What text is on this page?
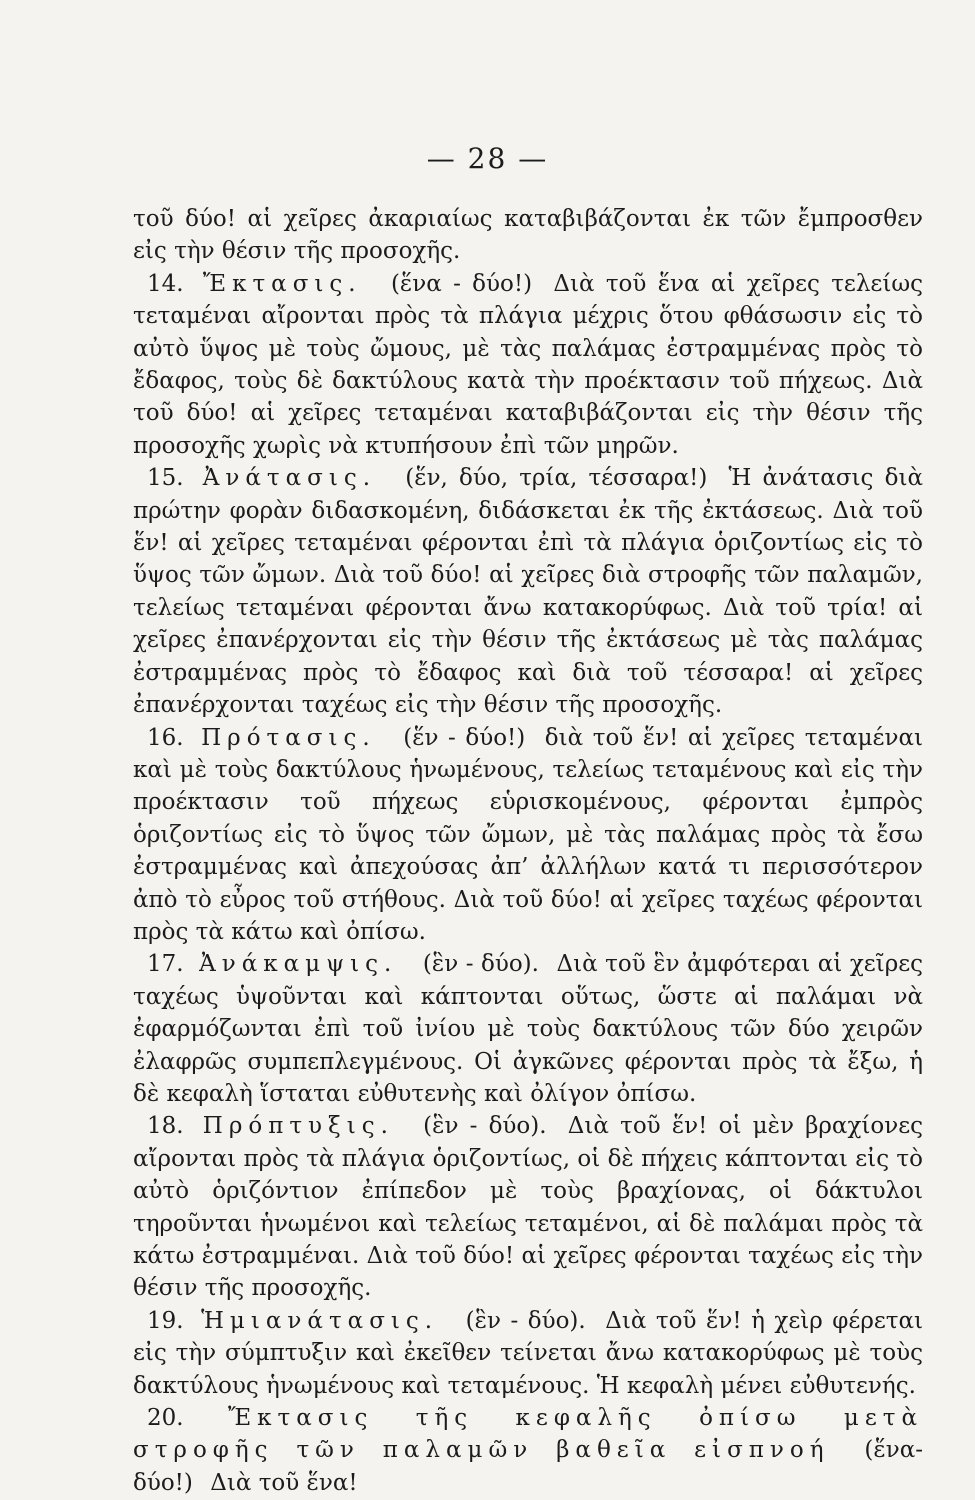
— 28 —

τοῦ δύο! αἱ χεῖρες ἀκαριαίως καταβιβάζονται ἐκ τῶν ἔμπροσθεν εἰς τὴν θέσιν τῆς προσοχῆς.

14. Ἔκτασις. (ἕνα - δύο!) Διὰ τοῦ ἕνα αἱ χεῖρες τελείως τεταμέναι αἴρονται πρὸς τὰ πλάγια μέχρις ὅτου φθάσωσιν εἰς τὸ αὐτὸ ὕψος μὲ τοὺς ὤμους, μὲ τὰς παλάμας ἐστραμμένας πρὸς τὸ ἔδαφος, τοὺς δὲ δακτύλους κατὰ τὴν προέκτασιν τοῦ πήχεως. Διὰ τοῦ δύο! αἱ χεῖρες τεταμέναι καταβιβάζονται εἰς τὴν θέσιν τῆς προσοχῆς χωρὶς νὰ κτυπήσουν ἐπὶ τῶν μηρῶν.

15. Ἀνάτασις. (ἕν, δύο, τρία, τέσσαρα!) Ἡ ἀνάτασις διὰ πρώτην φορὰν διδασκομένη, διδάσκεται ἐκ τῆς ἐκτάσεως. Διὰ τοῦ ἕν! αἱ χεῖρες τεταμέναι φέρονται ἐπὶ τὰ πλάγια ὁριζοντίως εἰς τὸ ὕψος τῶν ὤμων. Διὰ τοῦ δύο! αἱ χεῖρες διὰ στροφῆς τῶν παλαμῶν, τελείως τεταμέναι φέρονται ἄνω κατακορύφως. Διὰ τοῦ τρία! αἱ χεῖρες ἐπανέρχονται εἰς τὴν θέσιν τῆς ἐκτάσεως μὲ τὰς παλάμας ἐστραμμένας πρὸς τὸ ἔδαφος καὶ διὰ τοῦ τέσσαρα! αἱ χεῖρες ἐπανέρχονται ταχέως εἰς τὴν θέσιν τῆς προσοχῆς.

16. Πρότασις. (ἕν - δύο!) διὰ τοῦ ἕν! αἱ χεῖρες τεταμέναι καὶ μὲ τοὺς δακτύλους ἡνωμένους, τελείως τεταμένους καὶ εἰς τὴν προέκτασιν τοῦ πήχεως εὑρισκομένους, φέρονται ἐμπρὸς ὁριζοντίως εἰς τὸ ὕψος τῶν ὤμων, μὲ τὰς παλάμας πρὸς τὰ ἔσω ἐστραμμένας καὶ ἀπεχούσας ἀπ’ ἀλλήλων κατά τι περισσότερον ἀπὸ τὸ εὖρος τοῦ στήθους. Διὰ τοῦ δύο! αἱ χεῖρες ταχέως φέρονται πρὸς τὰ κάτω καὶ ὀπίσω.

17. Ἀνάκαμψις. (ἓν - δύο). Διὰ τοῦ ἓν ἀμφότεραι αἱ χεῖρες ταχέως ὑψοῦνται καὶ κάπτονται οὕτως, ὥστε αἱ παλάμαι νὰ ἐφαρμόζωνται ἐπὶ τοῦ ἰνίου μὲ τοὺς δακτύλους τῶν δύο χειρῶν ἐλαφρῶς συμπεπλεγμένους. Οἱ ἀγκῶνες φέρονται πρὸς τὰ ἔξω, ἡ δὲ κεφαλὴ ἵσταται εὐθυτενὴς καὶ ὀλίγον ὀπίσω.

18. Πρόπτυξις. (ἓν - δύο). Διὰ τοῦ ἕν! οἱ μὲν βραχίονες αἴρονται πρὸς τὰ πλάγια ὁριζοντίως, οἱ δὲ πήχεις κάπτονται εἰς τὸ αὐτὸ ὁριζόντιον ἐπίπεδον μὲ τοὺς βραχίονας, οἱ δάκτυλοι τηροῦνται ἡνωμένοι καὶ τελείως τεταμένοι, αἱ δὲ παλάμαι πρὸς τὰ κάτω ἐστραμμέναι. Διὰ τοῦ δύο! αἱ χεῖρες φέρονται ταχέως εἰς τὴν θέσιν τῆς προσοχῆς.

19. Ἡμιανάτασις. (ἓν - δύο). Διὰ τοῦ ἕν! ἡ χεὶρ φέρεται εἰς τὴν σύμπτυξιν καὶ ἐκεῖθεν τείνεται ἄνω κατακορύφως μὲ τοὺς δακτύλους ἡνωμένους καὶ τεταμένους. Ἡ κεφαλὴ μένει εὐθυτενής.

20. Ἔκτασις τῆς κεφαλῆς ὀπίσω μετὰ στροφῆς τῶν παλαμῶν βαθεῖα εἰσπνοή (ἕνα-δύο!) Διὰ τοῦ ἕνα!
